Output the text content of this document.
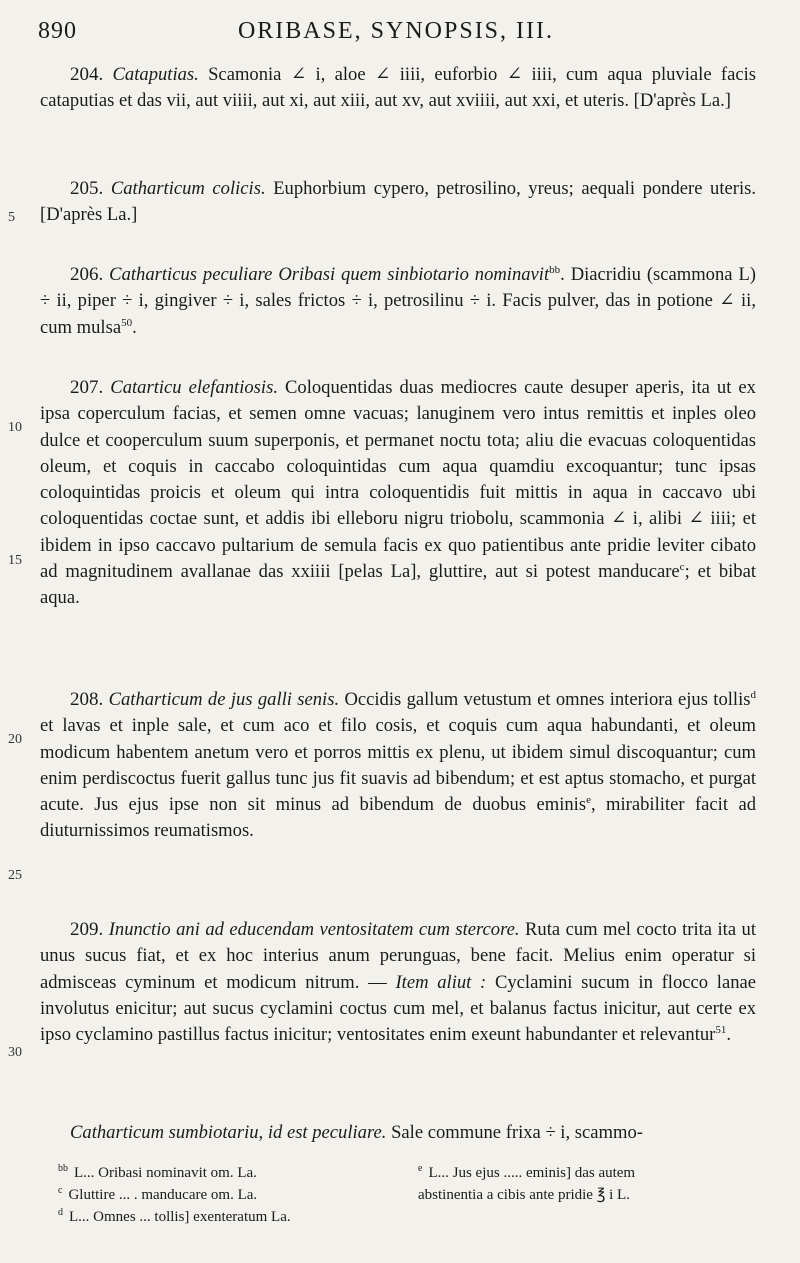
890	ORIBASE, SYNOPSIS, III.

204. Cataputias. Scamonia ∠ i, aloe ∠ iiii, euforbio ∠ iiii, cum aqua pluviale facis cataputias et das vii, aut viiii, aut xi, aut xiii, aut xv, aut xviiii, aut xxi, et uteris. [D'après La.]

205. Catharticum colicis. Euphorbium cypero, petrosilino, yreus; aequali pondere uteris. [D'après La.]

206. Catharticus peculiare Oribasi quem sinbiotario nominavit$^{bb}$. Diacridiu (scammona L) ÷ ii, piper ÷ i, gingiver ÷ i, sales frictos ÷ i, petrosilinu ÷ i. Facis pulver, das in potione ∠ ii, cum mulsa$^{50}$.

207. Catarticu elefantiosis. Coloquentidas duas mediocres caute desuper aperis, ita ut ex ipsa coperculum facias, et semen omne vacuas; lanuginem vero intus remittis et inples oleo dulce et cooperculum suum superponis, et permanet noctu tota; aliu die evacuas coloquentidas oleum, et coquis in caccabo coloquintidas cum aqua quamdiu excoquantur; tunc ipsas coloquintidas proicis et oleum qui intra coloquentidis fuit mittis in aqua in caccavo ubi coloquentidas coctae sunt, et addis ibi elleboru nigru triobolu, scammonia ∠ i, alibi ∠ iiii; et ibidem in ipso caccavo pultarium de semula facis ex quo patientibus ante pridie leviter cibato ad magnitudinem avallanae das xxiiii [pelas La], gluttire, aut si potest manducare$^c$; et bibat aqua.

208. Catharticum de jus galli senis. Occidis gallum vetustum et omnes interiora ejus tollis$^d$ et lavas et inple sale, et cum aco et filo cosis, et coquis cum aqua habundanti, et oleum modicum habentem anetum vero et porros mittis ex plenu, ut ibidem simul discoquantur; cum enim perdiscoctus fuerit gallus tunc jus fit suavis ad bibendum; et est aptus stomacho, et purgat acute. Jus ejus ipse non sit minus ad bibendum de duobus eminis$^e$, mirabiliter facit ad diuturnissimos reumatismos.

209. Inunctio ani ad educendam ventositatem cum stercore. Ruta cum mel cocto trita ita ut unus sucus fiat, et ex hoc interius anum perunguas, bene facit. Melius enim operatur si admisceas cyminum et modicum nitrum. — Item aliut : Cyclamini sucum in flocco lanae involutus enicitur; aut sucus cyclamini coctus cum mel, et balanus factus inicitur, aut certe ex ipso cyclamino pastillus factus inicitur; ventositates enim exeunt habundanter et relevantur$^{51}$.

Catharticum sumbiotariu, id est peculiare. Sale commune frixa ÷ i, scammo-

5
10
15
20
25
30
$^{bb}$ L... Oribasi nominavit om. La.
$^c$ Gluttire ... . manducare om. La.
$^d$ L... Omnes ... tollis] exenteratum La.
$^e$ L... Jus ejus ..... eminis] das autem
abstinentia a cibis ante pridie ℥ i L.
